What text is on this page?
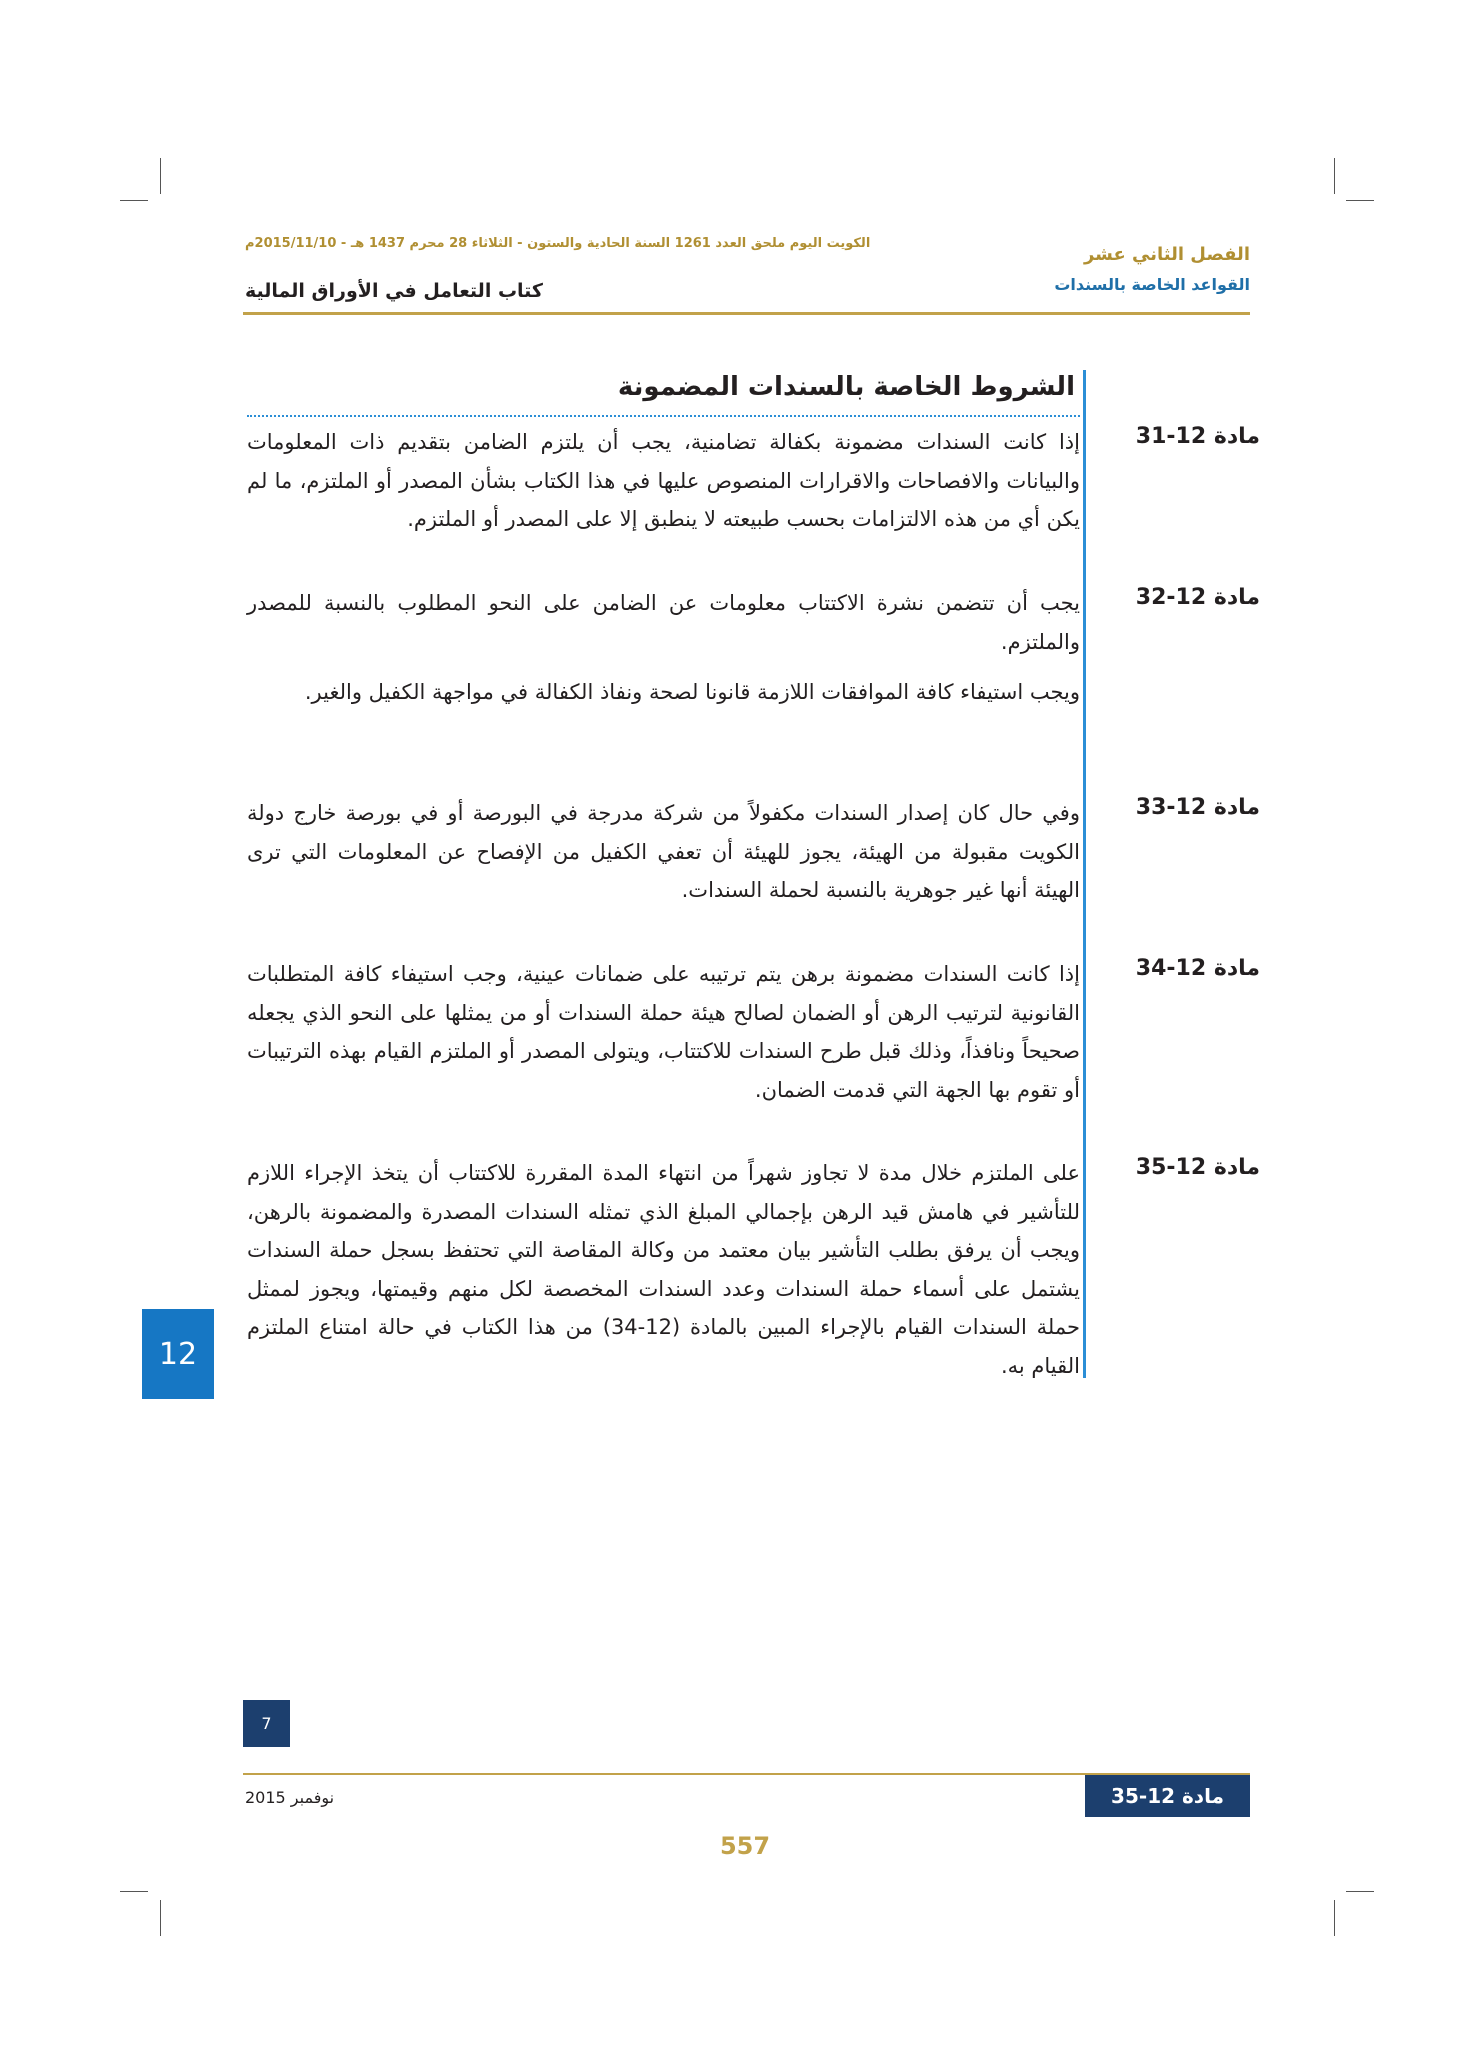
الكويت اليوم ملحق العدد 1261 السنة الحادية والستون - الثلاثاء 28 محرم 1437 هـ - 2015/11/10م
كتاب التعامل في الأوراق المالية
الفصل الثاني عشر
القواعد الخاصة بالسندات
الشروط الخاصة بالسندات المضمونة
مادة 12-31

إذا كانت السندات مضمونة بكفالة تضامنية، يجب أن يلتزم الضامن بتقديم ذات المعلومات والبيانات والافصاحات والاقرارات المنصوص عليها في هذا الكتاب بشأن المصدر أو الملتزم، ما لم يكن أي من هذه الالتزامات بحسب طبيعته لا ينطبق إلا على المصدر أو الملتزم.

مادة 12-32

يجب أن تتضمن نشرة الاكتتاب معلومات عن الضامن على النحو المطلوب بالنسبة للمصدر والملتزم.

ويجب استيفاء كافة الموافقات اللازمة قانونا لصحة ونفاذ الكفالة في مواجهة الكفيل والغير.

مادة 12-33

وفي حال كان إصدار السندات مكفولاً من شركة مدرجة في البورصة أو في بورصة خارج دولة الكويت مقبولة من الهيئة، يجوز للهيئة أن تعفي الكفيل من الإفصاح عن المعلومات التي ترى الهيئة أنها غير جوهرية بالنسبة لحملة السندات.

مادة 12-34

إذا كانت السندات مضمونة برهن يتم ترتيبه على ضمانات عينية، وجب استيفاء كافة المتطلبات القانونية لترتيب الرهن أو الضمان لصالح هيئة حملة السندات أو من يمثلها على النحو الذي يجعله صحيحاً ونافذاً، وذلك قبل طرح السندات للاكتتاب، ويتولى المصدر أو الملتزم القيام بهذه الترتيبات أو تقوم بها الجهة التي قدمت الضمان.

مادة 12-35

على الملتزم خلال مدة لا تجاوز شهراً من انتهاء المدة المقررة للاكتتاب أن يتخذ الإجراء اللازم للتأشير في هامش قيد الرهن بإجمالي المبلغ الذي تمثله السندات المصدرة والمضمونة بالرهن، ويجب أن يرفق بطلب التأشير بيان معتمد من وكالة المقاصة التي تحتفظ بسجل حملة السندات يشتمل على أسماء حملة السندات وعدد السندات المخصصة لكل منهم وقيمتها، ويجوز لممثل حملة السندات القيام بالإجراء المبين بالمادة (12-34) من هذا الكتاب في حالة امتناع الملتزم القيام به.

12
7
مادة 12-35
نوفمبر 2015
557
